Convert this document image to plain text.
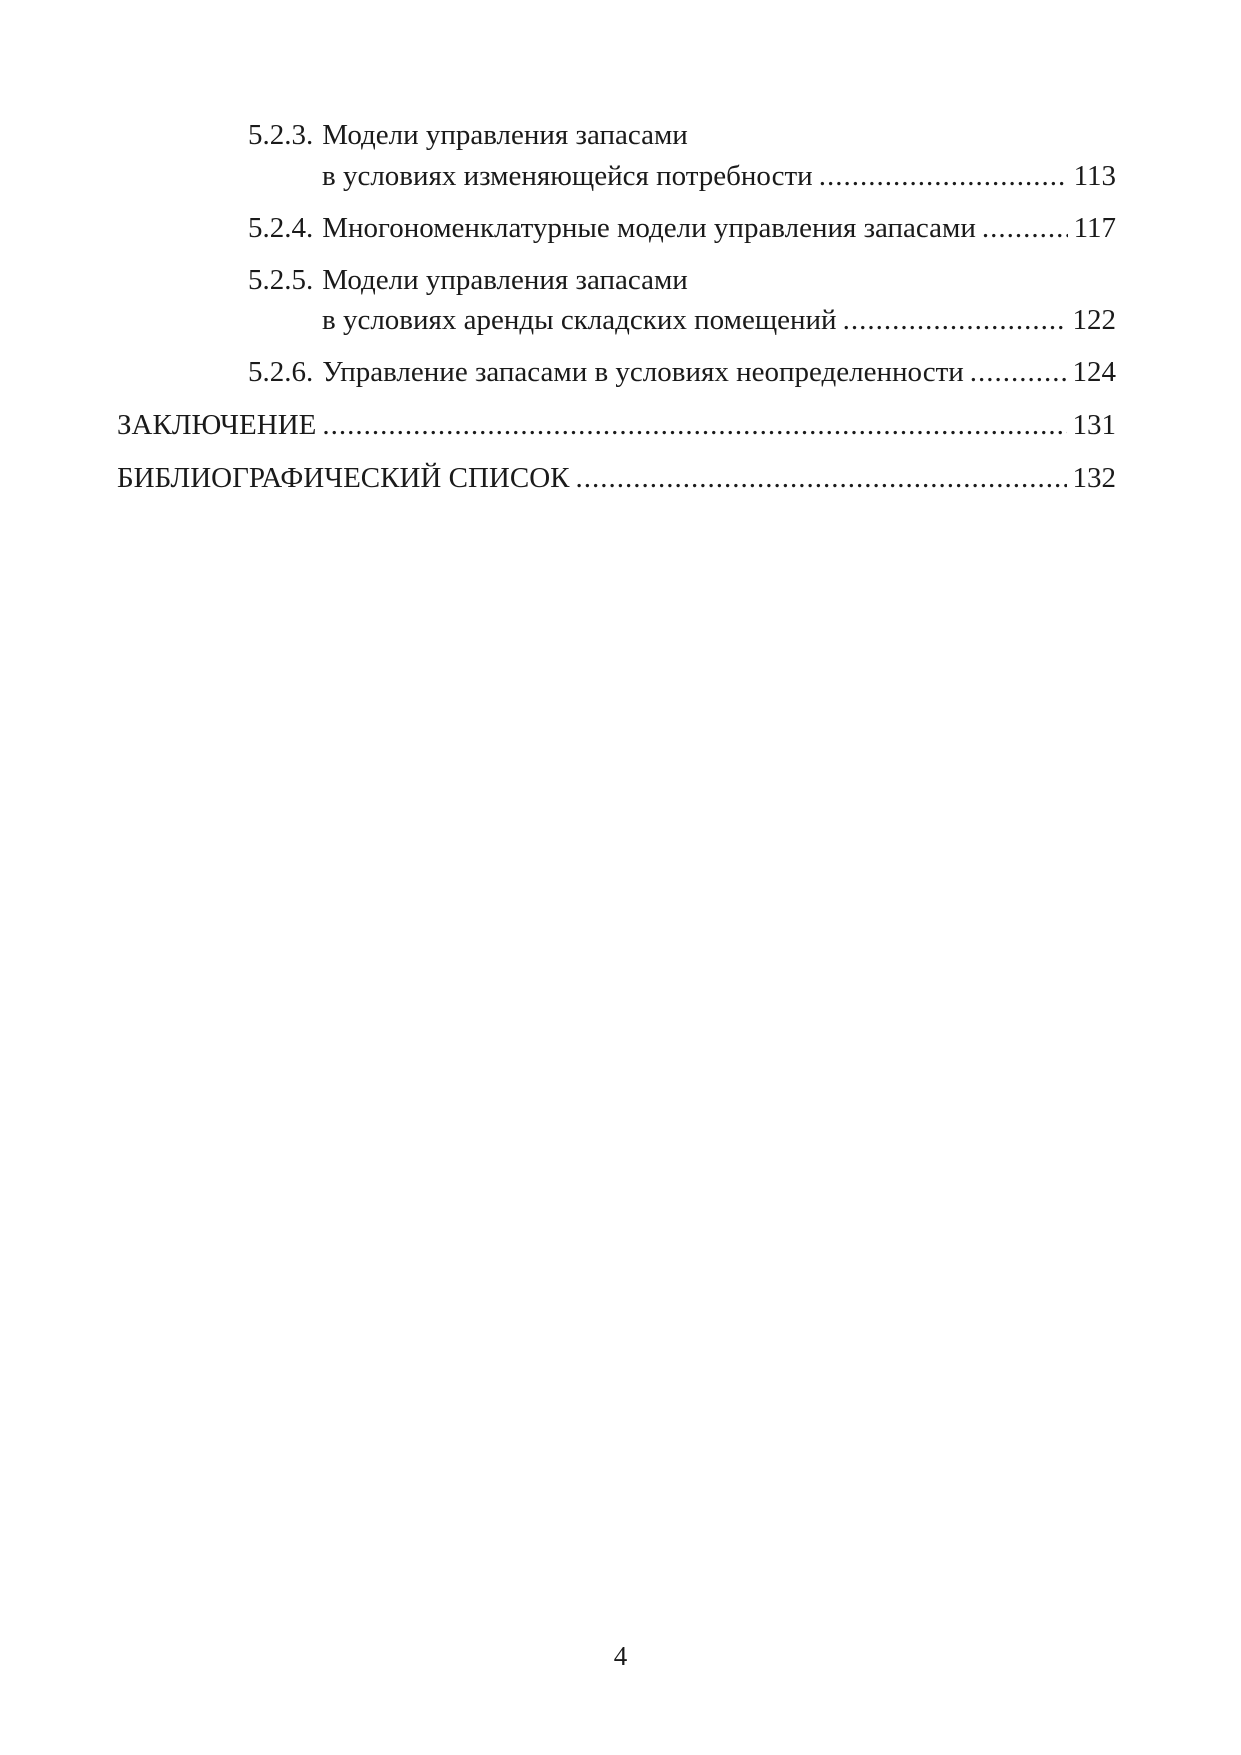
5.2.3. Модели управления запасами
в условиях изменяющейся потребности .....	113
5.2.4. Многономенклатурные модели управления запасами .....	117
5.2.5. Модели управления запасами
в условиях аренды складских помещений .....	122
5.2.6. Управление запасами в условиях неопределенности .....	124
ЗАКЛЮЧЕНИЕ .....	131
БИБЛИОГРАФИЧЕСКИЙ СПИСОК .....	132
4
